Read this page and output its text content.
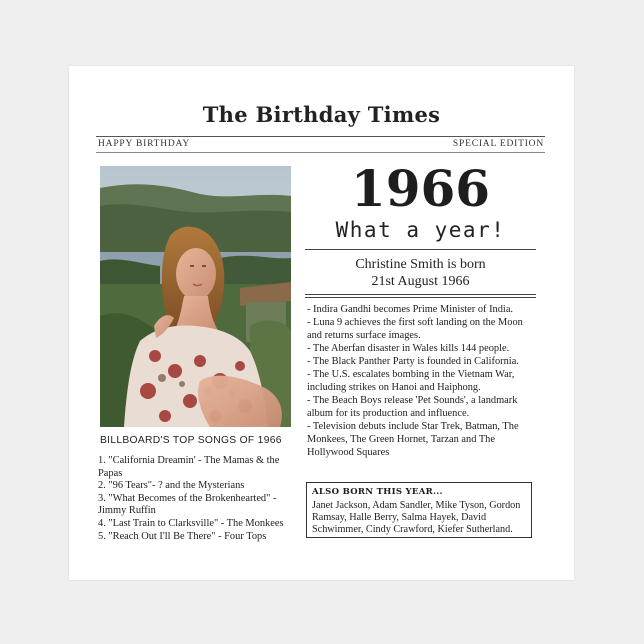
The Birthday Times
HAPPY BIRTHDAY	SPECIAL EDITION
1966
What a year!
Christine Smith is born
21st August 1966
- Indira Gandhi becomes Prime Minister of India.
- Luna 9 achieves the first soft landing on the Moon and returns surface images.
- The Aberfan disaster in Wales kills 144 people.
- The Black Panther Party is founded in California.
- The U.S. escalates bombing in the Vietnam War, including strikes on Hanoi and Haiphong.
- The Beach Boys release 'Pet Sounds', a landmark album for its production and influence.
- Television debuts include Star Trek, Batman, The Monkees, The Green Hornet, Tarzan and The Hollywood Squares
ALSO BORN THIS YEAR...
Janet Jackson, Adam Sandler, Mike Tyson, Gordon Ramsay, Halle Berry, Salma Hayek, David Schwimmer, Cindy Crawford, Kiefer Sutherland.
BILLBOARD'S TOP SONGS OF 1966
1. "California Dreamin' - The Mamas & the Papas
2. "96 Tears"- ? and the Mysterians
3. "What Becomes of the Brokenhearted" - Jimmy Ruffin
4. "Last Train to Clarksville" - The Monkees
5. "Reach Out I'll Be There" - Four Tops
